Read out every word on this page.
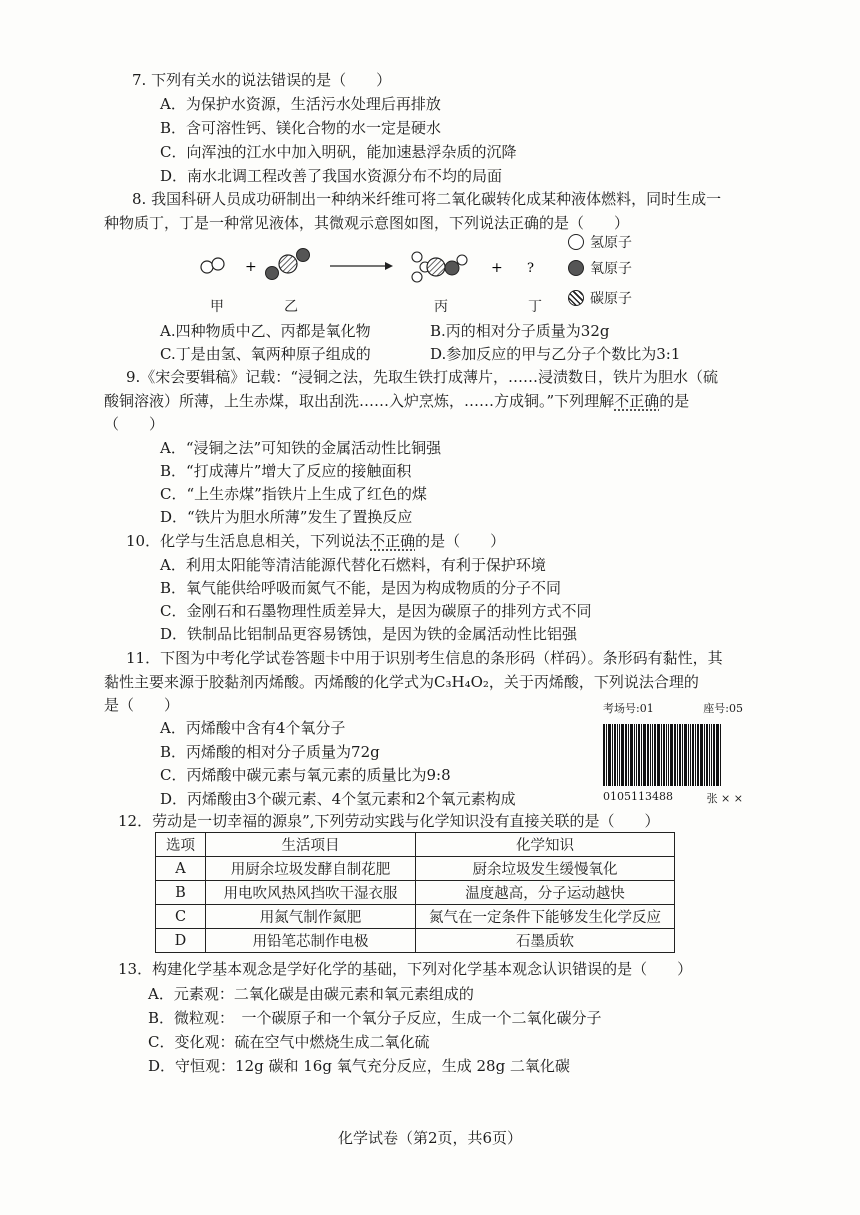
7. 下列有关水的说法错误的是（　　）
A．为保护水资源，生活污水处理后再排放
B．含可溶性钙、镁化合物的水一定是硬水
C．向浑浊的江水中加入明矾，能加速悬浮杂质的沉降
D．南水北调工程改善了我国水资源分布不均的局面
8. 我国科研人员成功研制出一种纳米纤维可将二氧化碳转化成某种液体燃料，同时生成一
种物质丁，丁是一种常见液体，其微观示意图如图，下列说法正确的是（　　）
+	+ ?
甲	乙	丙	丁
氢原子
氧原子
碳原子
A.四种物质中乙、丙都是氧化物	B.丙的相对分子质量为32g
C.丁是由氢、氧两种原子组成的	D.参加反应的甲与乙分子个数比为3:1
9.《宋会要辑稿》记载：“浸铜之法，先取生铁打成薄片，……浸渍数日，铁片为胆水（硫
酸铜溶液）所薄，上生赤煤，取出刮洗……入炉烹炼，……方成铜。”下列理解不正确的是
（　　）
A．“浸铜之法”可知铁的金属活动性比铜强
B．“打成薄片”增大了反应的接触面积
C．“上生赤煤”指铁片上生成了红色的煤
D．“铁片为胆水所薄”发生了置换反应
10．化学与生活息息相关，下列说法不正确的是（　　）
A．利用太阳能等清洁能源代替化石燃料，有利于保护环境
B．氧气能供给呼吸而氮气不能，是因为构成物质的分子不同
C．金刚石和石墨物理性质差异大，是因为碳原子的排列方式不同
D．铁制品比铝制品更容易锈蚀，是因为铁的金属活动性比铝强
11．下图为中考化学试卷答题卡中用于识别考生信息的条形码（样码）。条形码有黏性，其
黏性主要来源于胶黏剂丙烯酸。丙烯酸的化学式为C₃H₄O₂，关于丙烯酸，下列说法合理的
是（　　）
A．丙烯酸中含有4个氧分子
B．丙烯酸的相对分子质量为72g
C．丙烯酸中碳元素与氧元素的质量比为9:8
D．丙烯酸由3个碳元素、4个氢元素和2个氧元素构成
考场号:01	座号:05
0105113488	张 × ×
12．劳动是一切幸福的源泉”,下列劳动实践与化学知识没有直接关联的是（　　）
选项	生活项目	化学知识
A	用厨余垃圾发酵自制花肥	厨余垃圾发生缓慢氧化
B	用电吹风热风挡吹干湿衣服	温度越高，分子运动越快
C	用氮气制作氮肥	氮气在一定条件下能够发生化学反应
D	用铅笔芯制作电极	石墨质软
13．构建化学基本观念是学好化学的基础，下列对化学基本观念认识错误的是（　　）
A．元素观：二氧化碳是由碳元素和氧元素组成的
B．微粒观：　一个碳原子和一个氧分子反应，生成一个二氧化碳分子
C．变化观：硫在空气中燃烧生成二氧化硫
D．守恒观：12g 碳和 16g 氧气充分反应，生成 28g 二氧化碳
化学试卷（第2页，共6页）
